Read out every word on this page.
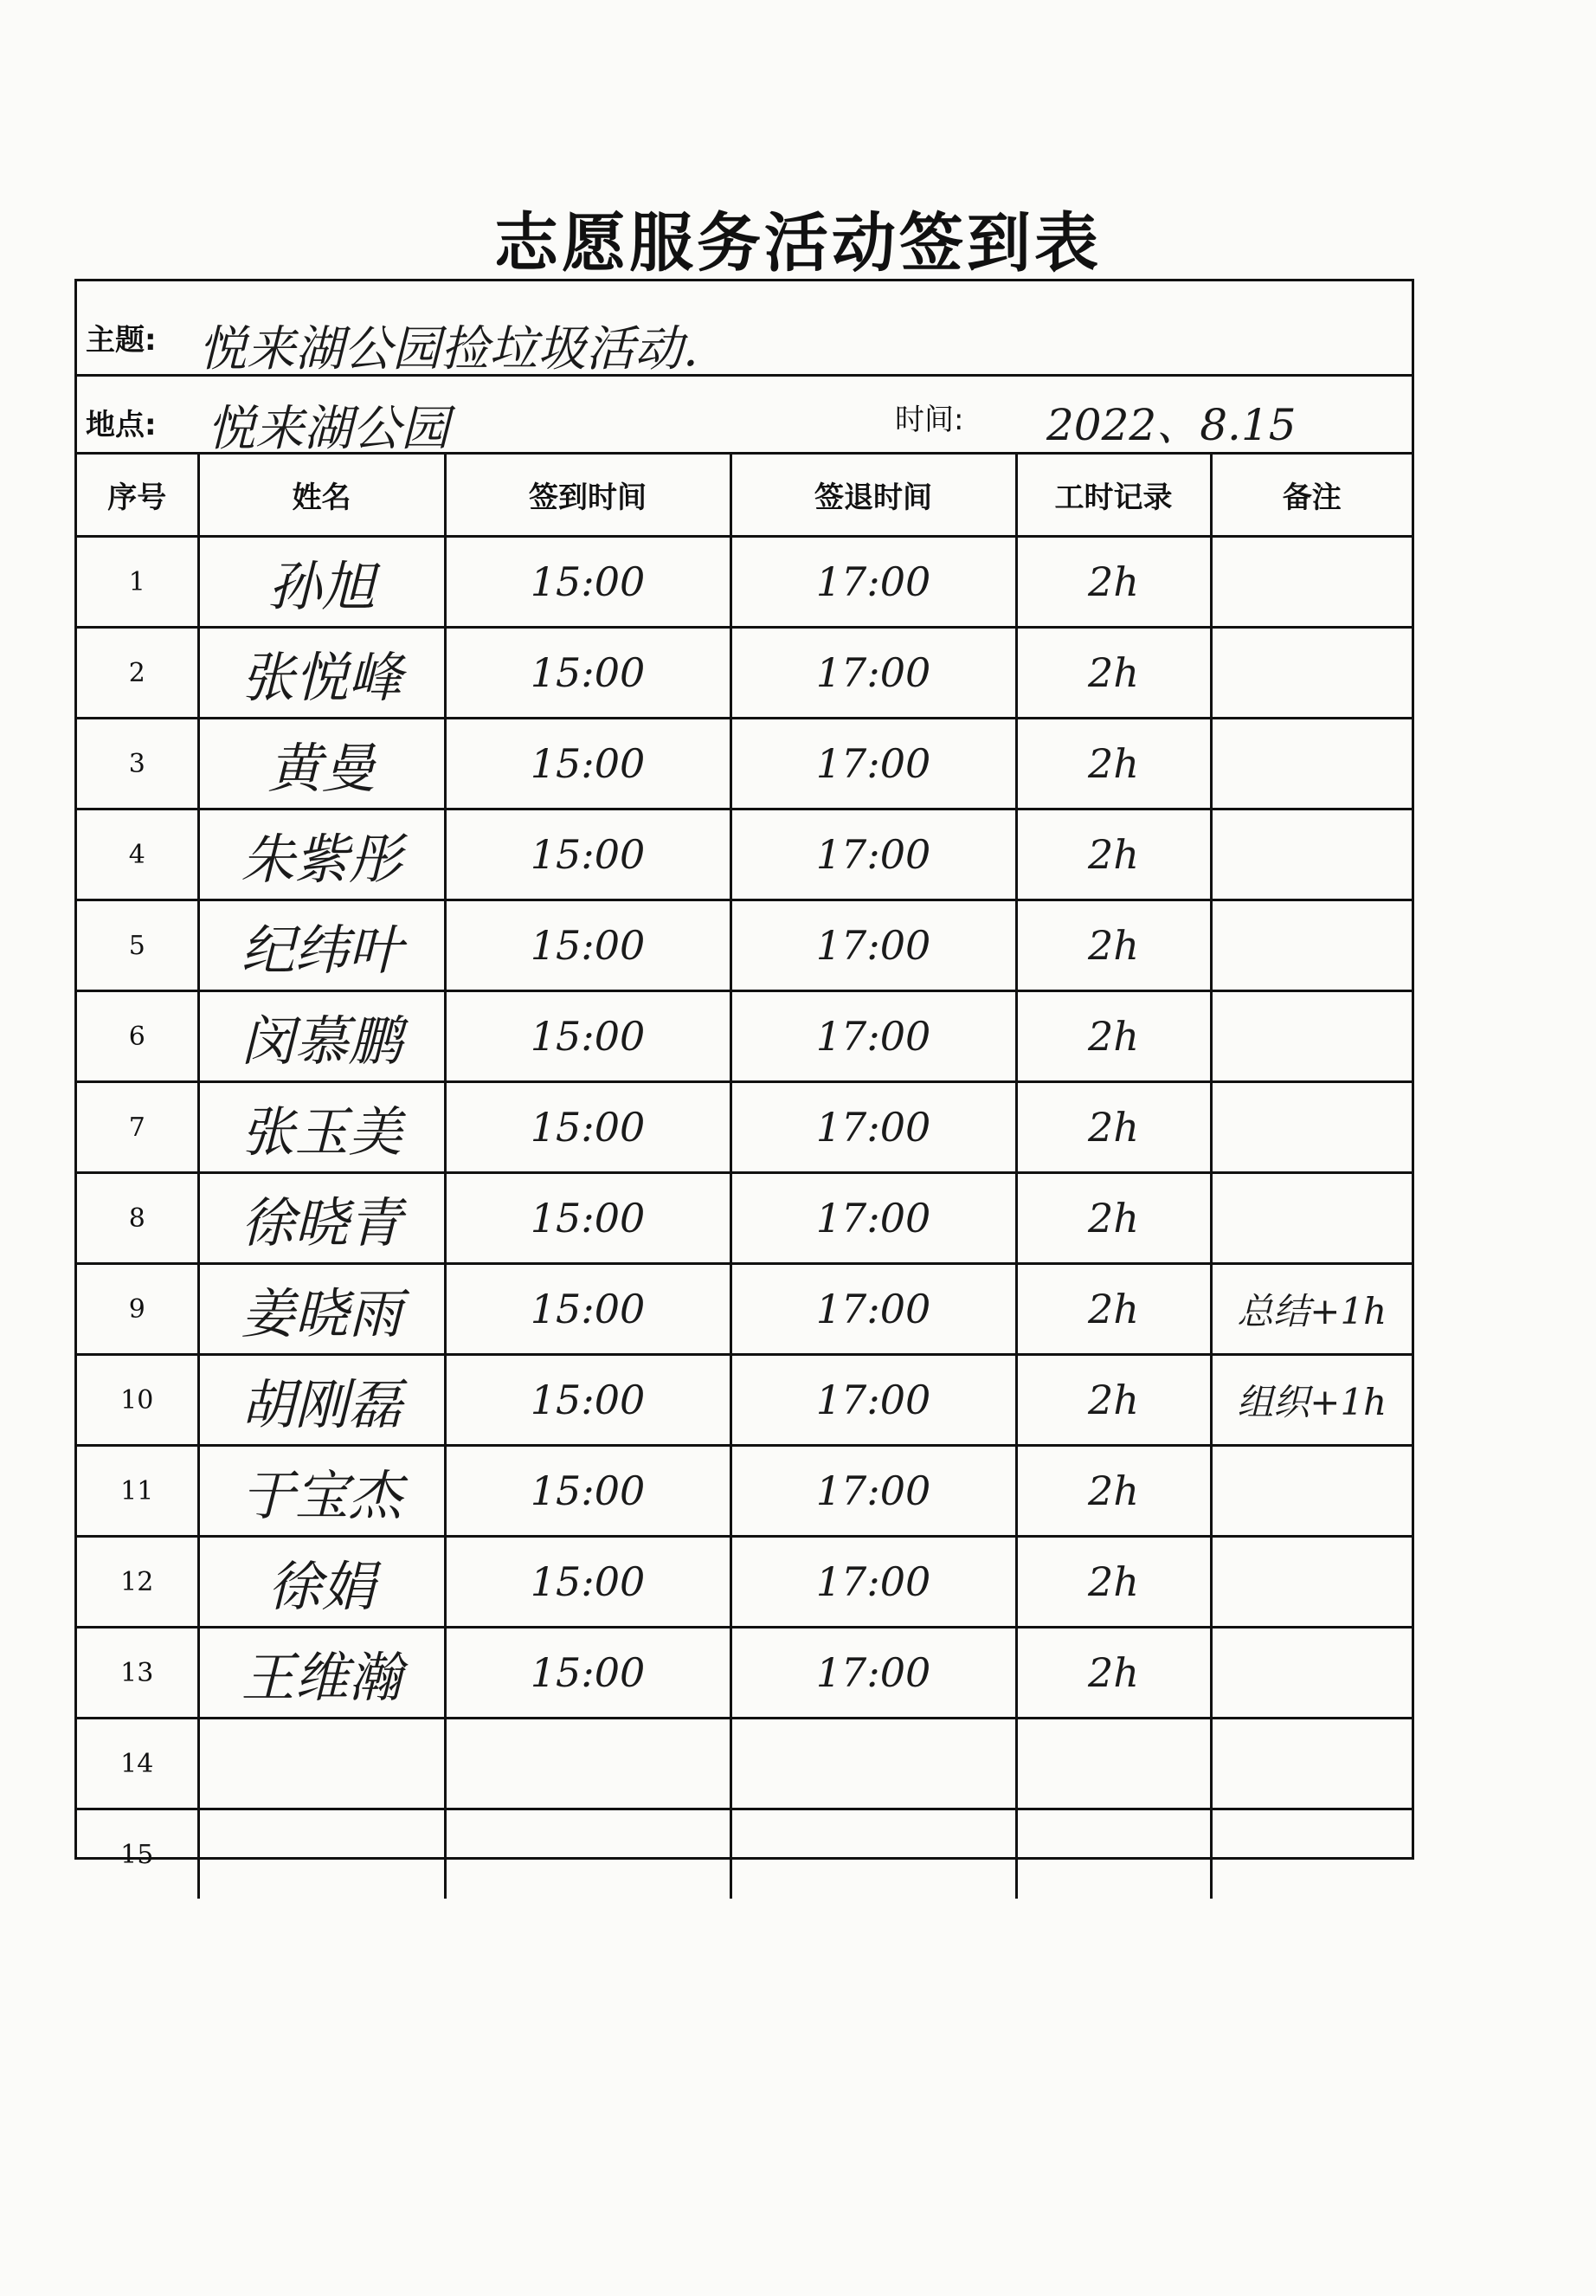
志愿服务活动签到表
主题: 悦来湖公园捡垃圾活动.
地点: 悦来湖公园	时间: 2022、8.15
序号	姓名	签到时间	签退时间	工时记录	备注
1	孙旭	15:00	17:00	2h	
2	张悦峰	15:00	17:00	2h	
3	黄曼	15:00	17:00	2h	
4	朱紫彤	15:00	17:00	2h	
5	纪纬叶	15:00	17:00	2h	
6	闵慕鹏	15:00	17:00	2h	
7	张玉美	15:00	17:00	2h	
8	徐晓青	15:00	17:00	2h	
9	姜晓雨	15:00	17:00	2h	总结+1h
10	胡刚磊	15:00	17:00	2h	组织+1h
11	于宝杰	15:00	17:00	2h	
12	徐娟	15:00	17:00	2h	
13	王维瀚	15:00	17:00	2h	
14					
15					
